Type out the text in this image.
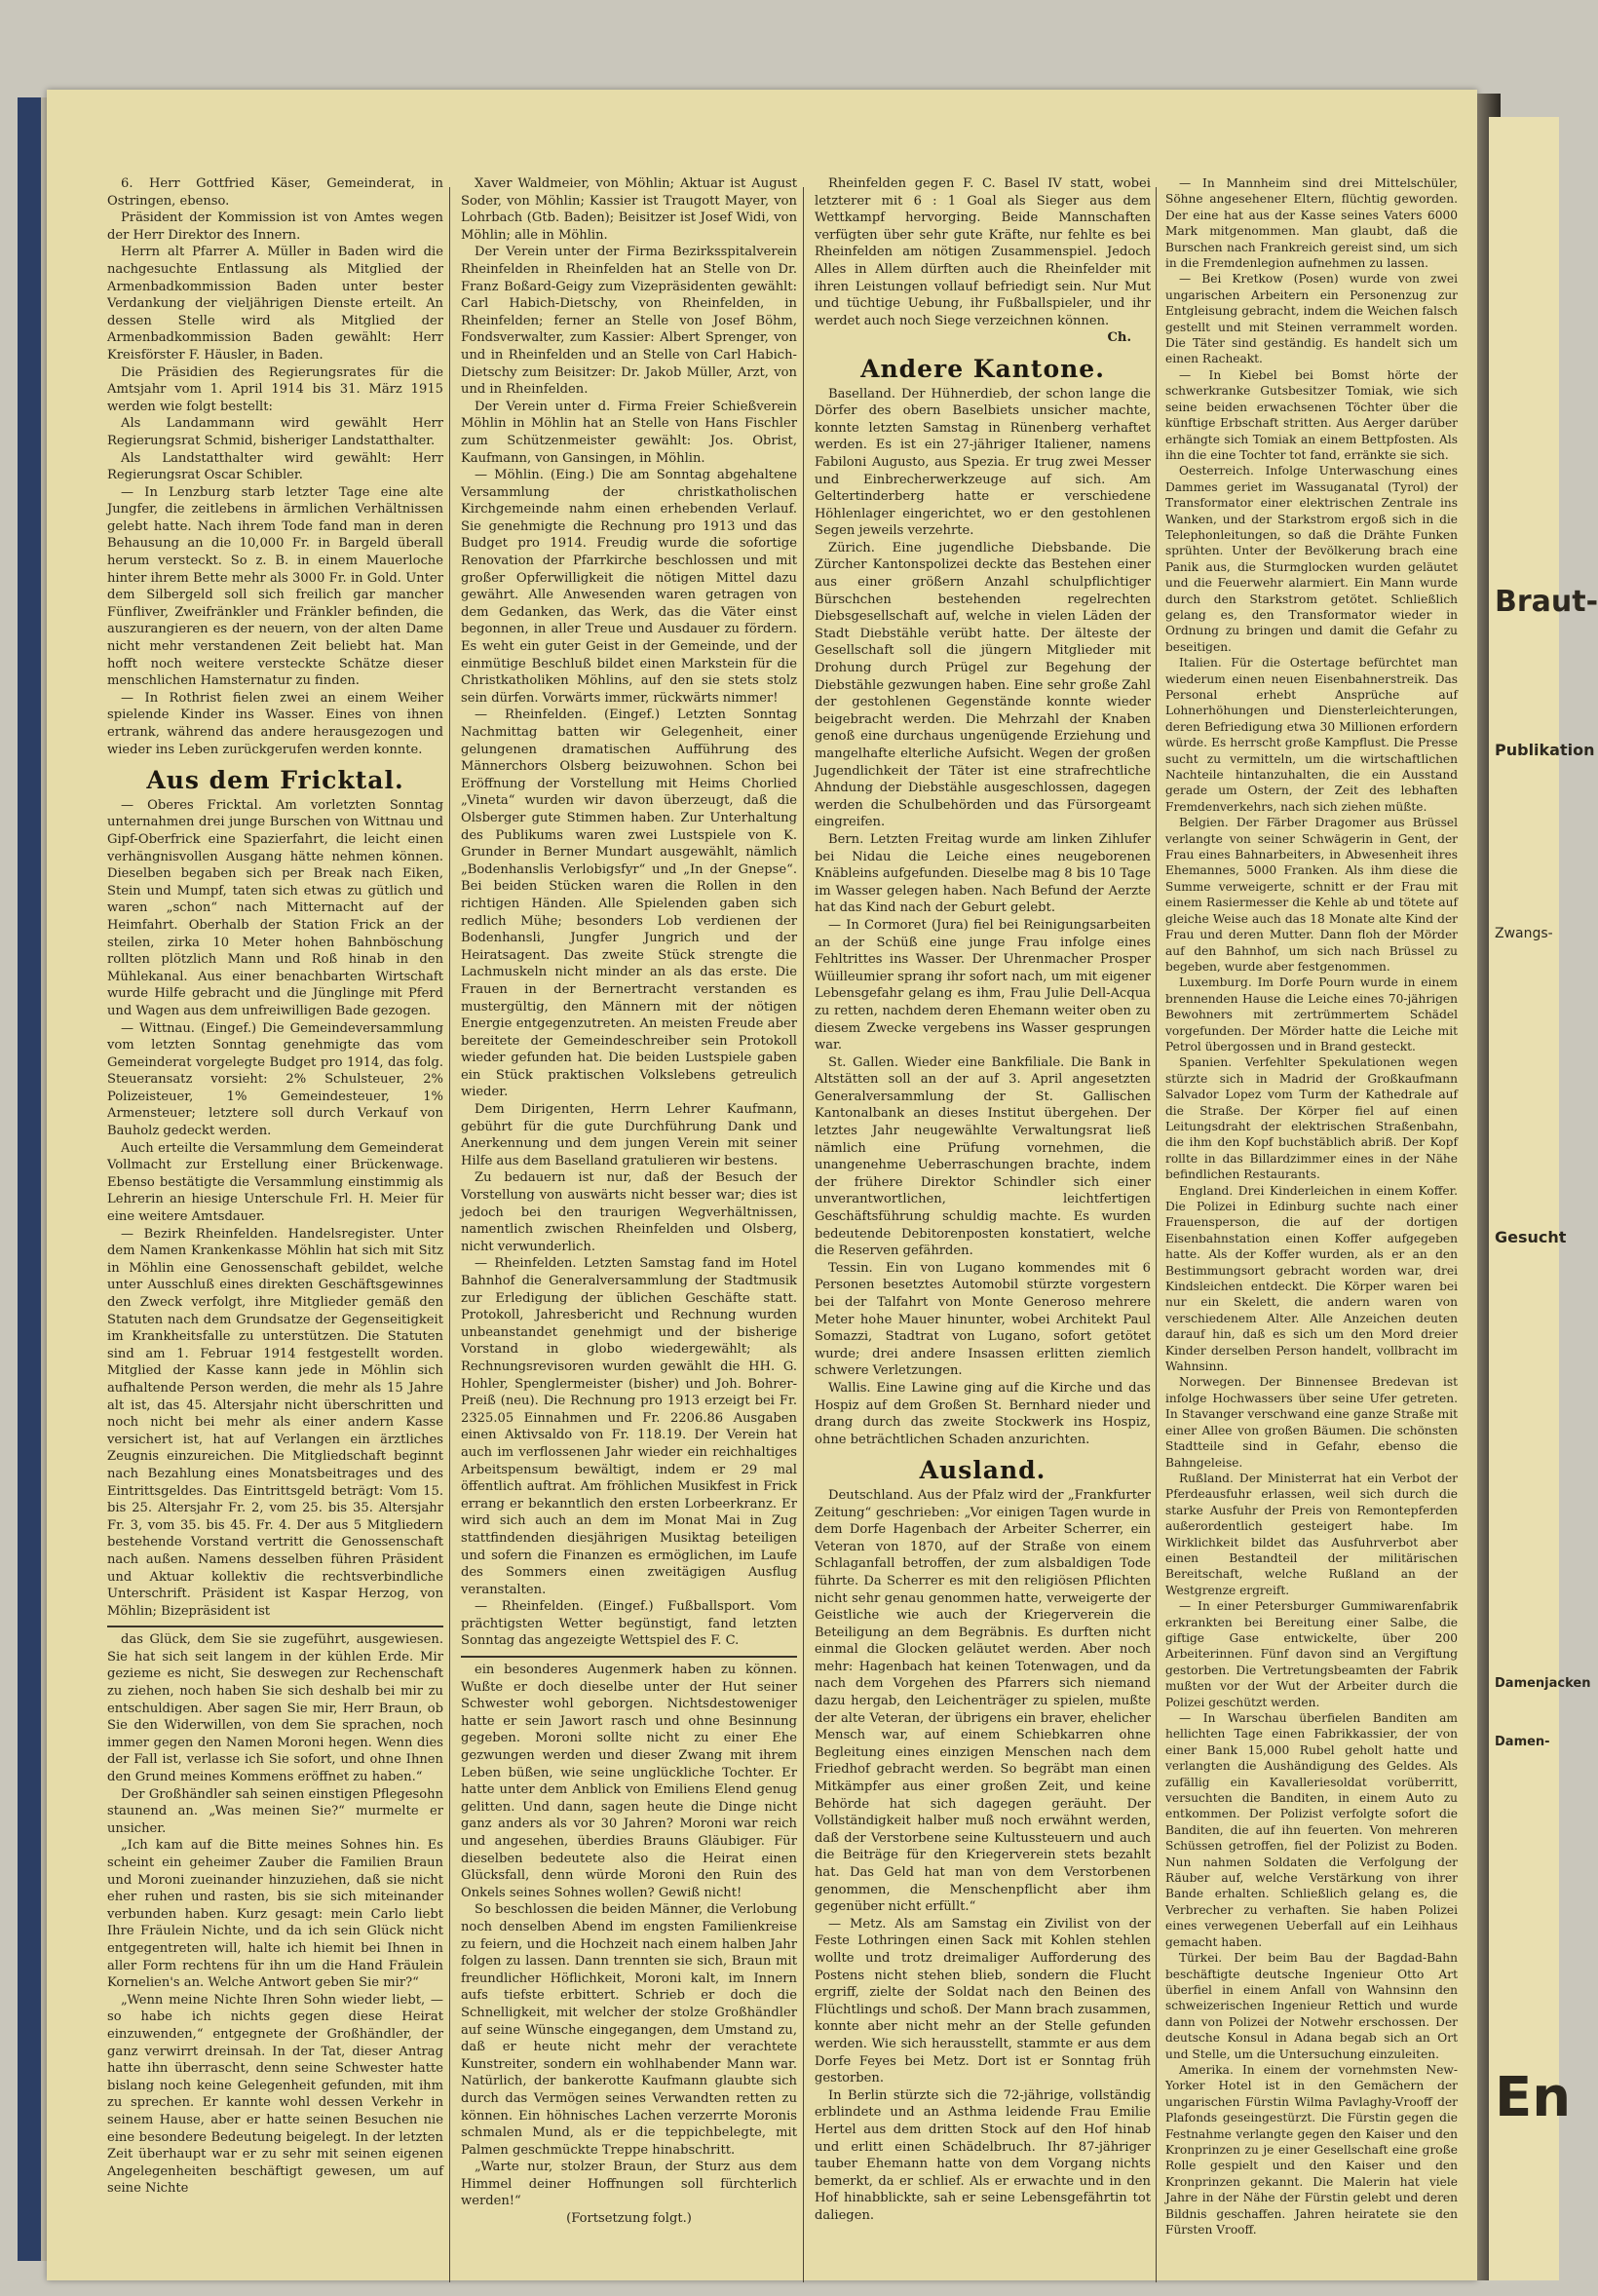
6. Herr Gottfried Käser, Gemeinderat, in Ostringen, ebenso.

Präsident der Kommission ist von Amtes wegen der Herr Direktor des Innern.

Herrn alt Pfarrer A. Müller in Baden wird die nachgesuchte Entlassung als Mitglied der Armenbadkommission Baden unter bester Verdankung der vieljährigen Dienste erteilt. An dessen Stelle wird als Mitglied der Armenbadkommission Baden gewählt: Herr Kreisförster F. Häusler, in Baden.

Die Präsidien des Regierungsrates für die Amtsjahr vom 1. April 1914 bis 31. März 1915 werden wie folgt bestellt:

Als Landammann wird gewählt Herr Regierungsrat Schmid, bisheriger Landstatthalter.

Als Landstatthalter wird gewählt: Herr Regierungsrat Oscar Schibler.

— In Lenzburg starb letzter Tage eine alte Jungfer, die zeitlebens in ärmlichen Verhältnissen gelebt hatte. Nach ihrem Tode fand man in deren Behausung an die 10,000 Fr. in Bargeld überall herum versteckt. So z. B. in einem Mauerloche hinter ihrem Bette mehr als 3000 Fr. in Gold. Unter dem Silbergeld soll sich freilich gar mancher Fünfliver, Zweifränkler und Fränkler befinden, die auszurangieren es der neuern, von der alten Dame nicht mehr verstandenen Zeit beliebt hat. Man hofft noch weitere versteckte Schätze dieser menschlichen Hamsternatur zu finden.

— In Rothrist fielen zwei an einem Weiher spielende Kinder ins Wasser. Eines von ihnen ertrank, während das andere herausgezogen und wieder ins Leben zurückgerufen werden konnte.

Aus dem Fricktal.

— Oberes Fricktal. Am vorletzten Sonntag unternahmen drei junge Burschen von Wittnau und Gipf-Oberfrick eine Spazierfahrt, die leicht einen verhängnisvollen Ausgang hätte nehmen können. Dieselben begaben sich per Break nach Eiken, Stein und Mumpf, taten sich etwas zu gütlich und waren „schon“ nach Mitternacht auf der Heimfahrt. Oberhalb der Station Frick an der steilen, zirka 10 Meter hohen Bahnböschung rollten plötzlich Mann und Roß hinab in den Mühlekanal. Aus einer benachbarten Wirtschaft wurde Hilfe gebracht und die Jünglinge mit Pferd und Wagen aus dem unfreiwilligen Bade gezogen.

— Wittnau. (Eingef.) Die Gemeindeversammlung vom letzten Sonntag genehmigte das vom Gemeinderat vorgelegte Budget pro 1914, das folg. Steueransatz vorsieht: 2% Schulsteuer, 2% Polizeisteuer, 1% Gemeindesteuer, 1% Armensteuer; letztere soll durch Verkauf von Bauholz gedeckt werden.

Auch erteilte die Versammlung dem Gemeinderat Vollmacht zur Erstellung einer Brückenwage. Ebenso bestätigte die Versammlung einstimmig als Lehrerin an hiesige Unterschule Frl. H. Meier für eine weitere Amtsdauer.

— Bezirk Rheinfelden. Handelsregister. Unter dem Namen Krankenkasse Möhlin hat sich mit Sitz in Möhlin eine Genossenschaft gebildet, welche unter Ausschluß eines direkten Geschäftsgewinnes den Zweck verfolgt, ihre Mitglieder gemäß den Statuten nach dem Grundsatze der Gegenseitigkeit im Krankheitsfalle zu unterstützen. Die Statuten sind am 1. Februar 1914 festgestellt worden. Mitglied der Kasse kann jede in Möhlin sich aufhaltende Person werden, die mehr als 15 Jahre alt ist, das 45. Altersjahr nicht überschritten und noch nicht bei mehr als einer andern Kasse versichert ist, hat auf Verlangen ein ärztliches Zeugnis einzureichen. Die Mitgliedschaft beginnt nach Bezahlung eines Monatsbeitrages und des Eintrittsgeldes. Das Eintrittsgeld beträgt: Vom 15. bis 25. Altersjahr Fr. 2, vom 25. bis 35. Altersjahr Fr. 3, vom 35. bis 45. Fr. 4. Der aus 5 Mitgliedern bestehende Vorstand vertritt die Genossenschaft nach außen. Namens desselben führen Präsident und Aktuar kollektiv die rechtsverbindliche Unterschrift. Präsident ist Kaspar Herzog, von Möhlin; Bizepräsident ist

das Glück, dem Sie sie zugeführt, ausgewiesen. Sie hat sich seit langem in der kühlen Erde. Mir gezieme es nicht, Sie deswegen zur Rechenschaft zu ziehen, noch haben Sie sich deshalb bei mir zu entschuldigen. Aber sagen Sie mir, Herr Braun, ob Sie den Widerwillen, von dem Sie sprachen, noch immer gegen den Namen Moroni hegen. Wenn dies der Fall ist, verlasse ich Sie sofort, und ohne Ihnen den Grund meines Kommens eröffnet zu haben.“

Der Großhändler sah seinen einstigen Pflegesohn staunend an. „Was meinen Sie?“ murmelte er unsicher.

„Ich kam auf die Bitte meines Sohnes hin. Es scheint ein geheimer Zauber die Familien Braun und Moroni zueinander hinzuziehen, daß sie nicht eher ruhen und rasten, bis sie sich miteinander verbunden haben. Kurz gesagt: mein Carlo liebt Ihre Fräulein Nichte, und da ich sein Glück nicht entgegentreten will, halte ich hiemit bei Ihnen in aller Form rechtens für ihn um die Hand Fräulein Kornelien's an. Welche Antwort geben Sie mir?“

„Wenn meine Nichte Ihren Sohn wieder liebt, — so habe ich nichts gegen diese Heirat einzuwenden,“ entgegnete der Großhändler, der ganz verwirrt dreinsah. In der Tat, dieser Antrag hatte ihn überrascht, denn seine Schwester hatte bislang noch keine Gelegenheit gefunden, mit ihm zu sprechen. Er kannte wohl dessen Verkehr in seinem Hause, aber er hatte seinen Besuchen nie eine besondere Bedeutung beigelegt. In der letzten Zeit überhaupt war er zu sehr mit seinen eigenen Angelegenheiten beschäftigt gewesen, um auf seine Nichte

Xaver Waldmeier, von Möhlin; Aktuar ist August Soder, von Möhlin; Kassier ist Traugott Mayer, von Lohrbach (Gtb. Baden); Beisitzer ist Josef Widi, von Möhlin; alle in Möhlin.

Der Verein unter der Firma Bezirksspitalverein Rheinfelden in Rheinfelden hat an Stelle von Dr. Franz Boßard-Geigy zum Vizepräsidenten gewählt: Carl Habich-Dietschy, von Rheinfelden, in Rheinfelden; ferner an Stelle von Josef Böhm, Fondsverwalter, zum Kassier: Albert Sprenger, von und in Rheinfelden und an Stelle von Carl Habich-Dietschy zum Beisitzer: Dr. Jakob Müller, Arzt, von und in Rheinfelden.

Der Verein unter d. Firma Freier Schießverein Möhlin in Möhlin hat an Stelle von Hans Fischler zum Schützenmeister gewählt: Jos. Obrist, Kaufmann, von Gansingen, in Möhlin.

— Möhlin. (Eing.) Die am Sonntag abgehaltene Versammlung der christkatholischen Kirchgemeinde nahm einen erhebenden Verlauf. Sie genehmigte die Rechnung pro 1913 und das Budget pro 1914. Freudig wurde die sofortige Renovation der Pfarrkirche beschlossen und mit großer Opferwilligkeit die nötigen Mittel dazu gewährt. Alle Anwesenden waren getragen von dem Gedanken, das Werk, das die Väter einst begonnen, in aller Treue und Ausdauer zu fördern. Es weht ein guter Geist in der Gemeinde, und der einmütige Beschluß bildet einen Markstein für die Christkatholiken Möhlins, auf den sie stets stolz sein dürfen. Vorwärts immer, rückwärts nimmer!

— Rheinfelden. (Eingef.) Letzten Sonntag Nachmittag batten wir Gelegenheit, einer gelungenen dramatischen Aufführung des Männerchors Olsberg beizuwohnen. Schon bei Eröffnung der Vorstellung mit Heims Chorlied „Vineta“ wurden wir davon überzeugt, daß die Olsberger gute Stimmen haben. Zur Unterhaltung des Publikums waren zwei Lustspiele von K. Grunder in Berner Mundart ausgewählt, nämlich „Bodenhanslis Verlobigsfyr“ und „In der Gnepse“. Bei beiden Stücken waren die Rollen in den richtigen Händen. Alle Spielenden gaben sich redlich Mühe; besonders Lob verdienen der Bodenhansli, Jungfer Jungrich und der Heiratsagent. Das zweite Stück strengte die Lachmuskeln nicht minder an als das erste. Die Frauen in der Bernertracht verstanden es mustergültig, den Männern mit der nötigen Energie entgegenzutreten. An meisten Freude aber bereitete der Gemeindeschreiber sein Protokoll wieder gefunden hat. Die beiden Lustspiele gaben ein Stück praktischen Volkslebens getreulich wieder.

Dem Dirigenten, Herrn Lehrer Kaufmann, gebührt für die gute Durchführung Dank und Anerkennung und dem jungen Verein mit seiner Hilfe aus dem Baselland gratulieren wir bestens.

Zu bedauern ist nur, daß der Besuch der Vorstellung von auswärts nicht besser war; dies ist jedoch bei den traurigen Wegverhältnissen, namentlich zwischen Rheinfelden und Olsberg, nicht verwunderlich.

— Rheinfelden. Letzten Samstag fand im Hotel Bahnhof die Generalversammlung der Stadtmusik zur Erledigung der üblichen Geschäfte statt. Protokoll, Jahresbericht und Rechnung wurden unbeanstandet genehmigt und der bisherige Vorstand in globo wiedergewählt; als Rechnungsrevisoren wurden gewählt die HH. G. Hohler, Spenglermeister (bisher) und Joh. Bohrer-Preiß (neu). Die Rechnung pro 1913 erzeigt bei Fr. 2325.05 Einnahmen und Fr. 2206.86 Ausgaben einen Aktivsaldo von Fr. 118.19. Der Verein hat auch im verflossenen Jahr wieder ein reichhaltiges Arbeitspensum bewältigt, indem er 29 mal öffentlich auftrat. Am fröhlichen Musikfest in Frick errang er bekanntlich den ersten Lorbeerkranz. Er wird sich auch an dem im Monat Mai in Zug stattfindenden diesjährigen Musiktag beteiligen und sofern die Finanzen es ermöglichen, im Laufe des Sommers einen zweitägigen Ausflug veranstalten.

— Rheinfelden. (Eingef.) Fußballsport. Vom prächtigsten Wetter begünstigt, fand letzten Sonntag das angezeigte Wettspiel des F. C.

ein besonderes Augenmerk haben zu können. Wußte er doch dieselbe unter der Hut seiner Schwester wohl geborgen. Nichtsdestoweniger hatte er sein Jawort rasch und ohne Besinnung gegeben. Moroni sollte nicht zu einer Ehe gezwungen werden und dieser Zwang mit ihrem Leben büßen, wie seine unglückliche Tochter. Er hatte unter dem Anblick von Emiliens Elend genug gelitten. Und dann, sagen heute die Dinge nicht ganz anders als vor 30 Jahren? Moroni war reich und angesehen, überdies Brauns Gläubiger. Für dieselben bedeutete also die Heirat einen Glücksfall, denn würde Moroni den Ruin des Onkels seines Sohnes wollen? Gewiß nicht!

So beschlossen die beiden Männer, die Verlobung noch denselben Abend im engsten Familienkreise zu feiern, und die Hochzeit nach einem halben Jahr folgen zu lassen. Dann trennten sie sich, Braun mit freundlicher Höflichkeit, Moroni kalt, im Innern aufs tiefste erbittert. Schrieb er doch die Schnelligkeit, mit welcher der stolze Großhändler auf seine Wünsche eingegangen, dem Umstand zu, daß er heute nicht mehr der verachtete Kunstreiter, sondern ein wohlhabender Mann war. Natürlich, der bankerotte Kaufmann glaubte sich durch das Vermögen seines Verwandten retten zu können. Ein höhnisches Lachen verzerrte Moronis schmalen Mund, als er die teppichbelegte, mit Palmen geschmückte Treppe hinabschritt.

„Warte nur, stolzer Braun, der Sturz aus dem Himmel deiner Hoffnungen soll fürchterlich werden!“

(Fortsetzung folgt.)

Rheinfelden gegen F. C. Basel IV statt, wobei letzterer mit 6 : 1 Goal als Sieger aus dem Wettkampf hervorging. Beide Mannschaften verfügten über sehr gute Kräfte, nur fehlte es bei Rheinfelden am nötigen Zusammenspiel. Jedoch Alles in Allem dürften auch die Rheinfelder mit ihren Leistungen vollauf befriedigt sein. Nur Mut und tüchtige Uebung, ihr Fußballspieler, und ihr werdet auch noch Siege verzeichnen können.

Ch.
Andere Kantone.

Baselland. Der Hühnerdieb, der schon lange die Dörfer des obern Baselbiets unsicher machte, konnte letzten Samstag in Rünenberg verhaftet werden. Es ist ein 27-jähriger Italiener, namens Fabiloni Augusto, aus Spezia. Er trug zwei Messer und Einbrecherwerkzeuge auf sich. Am Geltertinderberg hatte er verschiedene Höhlenlager eingerichtet, wo er den gestohlenen Segen jeweils verzehrte.

Zürich. Eine jugendliche Diebsbande. Die Zürcher Kantonspolizei deckte das Bestehen einer aus einer größern Anzahl schulpflichtiger Bürschchen bestehenden regelrechten Diebsgesellschaft auf, welche in vielen Läden der Stadt Diebstähle verübt hatte. Der älteste der Gesellschaft soll die jüngern Mitglieder mit Drohung durch Prügel zur Begehung der Diebstähle gezwungen haben. Eine sehr große Zahl der gestohlenen Gegenstände konnte wieder beigebracht werden. Die Mehrzahl der Knaben genoß eine durchaus ungenügende Erziehung und mangelhafte elterliche Aufsicht. Wegen der großen Jugendlichkeit der Täter ist eine strafrechtliche Ahndung der Diebstähle ausgeschlossen, dagegen werden die Schulbehörden und das Fürsorgeamt eingreifen.

Bern. Letzten Freitag wurde am linken Zihlufer bei Nidau die Leiche eines neugeborenen Knäbleins aufgefunden. Dieselbe mag 8 bis 10 Tage im Wasser gelegen haben. Nach Befund der Aerzte hat das Kind nach der Geburt gelebt.

— In Cormoret (Jura) fiel bei Reinigungsarbeiten an der Schüß eine junge Frau infolge eines Fehltrittes ins Wasser. Der Uhrenmacher Prosper Wüilleumier sprang ihr sofort nach, um mit eigener Lebensgefahr gelang es ihm, Frau Julie Dell-Acqua zu retten, nachdem deren Ehemann weiter oben zu diesem Zwecke vergebens ins Wasser gesprungen war.

St. Gallen. Wieder eine Bankfiliale. Die Bank in Altstätten soll an der auf 3. April angesetzten Generalversammlung der St. Gallischen Kantonalbank an dieses Institut übergehen. Der letztes Jahr neugewählte Verwaltungsrat ließ nämlich eine Prüfung vornehmen, die unangenehme Ueberraschungen brachte, indem der frühere Direktor Schindler sich einer unverantwortlichen, leichtfertigen Geschäftsführung schuldig machte. Es wurden bedeutende Debitorenposten konstatiert, welche die Reserven gefährden.

Tessin. Ein von Lugano kommendes mit 6 Personen besetztes Automobil stürzte vorgestern bei der Talfahrt von Monte Generoso mehrere Meter hohe Mauer hinunter, wobei Architekt Paul Somazzi, Stadtrat von Lugano, sofort getötet wurde; drei andere Insassen erlitten ziemlich schwere Verletzungen.

Wallis. Eine Lawine ging auf die Kirche und das Hospiz auf dem Großen St. Bernhard nieder und drang durch das zweite Stockwerk ins Hospiz, ohne beträchtlichen Schaden anzurichten.

Ausland.

Deutschland. Aus der Pfalz wird der „Frankfurter Zeitung“ geschrieben: „Vor einigen Tagen wurde in dem Dorfe Hagenbach der Arbeiter Scherrer, ein Veteran von 1870, auf der Straße von einem Schlaganfall betroffen, der zum alsbaldigen Tode führte. Da Scherrer es mit den religiösen Pflichten nicht sehr genau genommen hatte, verweigerte der Geistliche wie auch der Kriegerverein die Beteiligung an dem Begräbnis. Es durften nicht einmal die Glocken geläutet werden. Aber noch mehr: Hagenbach hat keinen Totenwagen, und da nach dem Vorgehen des Pfarrers sich niemand dazu hergab, den Leichenträger zu spielen, mußte der alte Veteran, der übrigens ein braver, ehelicher Mensch war, auf einem Schiebkarren ohne Begleitung eines einzigen Menschen nach dem Friedhof gebracht werden. So begräbt man einen Mitkämpfer aus einer großen Zeit, und keine Behörde hat sich dagegen geräuht. Der Vollständigkeit halber muß noch erwähnt werden, daß der Verstorbene seine Kultussteuern und auch die Beiträge für den Kriegerverein stets bezahlt hat. Das Geld hat man von dem Verstorbenen genommen, die Menschenpflicht aber ihm gegenüber nicht erfüllt.“

— Metz. Als am Samstag ein Zivilist von der Feste Lothringen einen Sack mit Kohlen stehlen wollte und trotz dreimaliger Aufforderung des Postens nicht stehen blieb, sondern die Flucht ergriff, zielte der Soldat nach den Beinen des Flüchtlings und schoß. Der Mann brach zusammen, konnte aber nicht mehr an der Stelle gefunden werden. Wie sich herausstellt, stammte er aus dem Dorfe Feyes bei Metz. Dort ist er Sonntag früh gestorben.

In Berlin stürzte sich die 72-jährige, vollständig erblindete und an Asthma leidende Frau Emilie Hertel aus dem dritten Stock auf den Hof hinab und erlitt einen Schädelbruch. Ihr 87-jähriger tauber Ehemann hatte von dem Vorgang nichts bemerkt, da er schlief. Als er erwachte und in den Hof hinabblickte, sah er seine Lebensgefährtin tot daliegen.

— In Mannheim sind drei Mittelschüler, Söhne angesehener Eltern, flüchtig geworden. Der eine hat aus der Kasse seines Vaters 6000 Mark mitgenommen. Man glaubt, daß die Burschen nach Frankreich gereist sind, um sich in die Fremdenlegion aufnehmen zu lassen.

— Bei Kretkow (Posen) wurde von zwei ungarischen Arbeitern ein Personenzug zur Entgleisung gebracht, indem die Weichen falsch gestellt und mit Steinen verrammelt worden. Die Täter sind geständig. Es handelt sich um einen Racheakt.

— In Kiebel bei Bomst hörte der schwerkranke Gutsbesitzer Tomiak, wie sich seine beiden erwachsenen Töchter über die künftige Erbschaft stritten. Aus Aerger darüber erhängte sich Tomiak an einem Bettpfosten. Als ihn die eine Tochter tot fand, erränkte sie sich.

Oesterreich. Infolge Unterwaschung eines Dammes geriet im Wassuganatal (Tyrol) der Transformator einer elektrischen Zentrale ins Wanken, und der Starkstrom ergoß sich in die Telephonleitungen, so daß die Drähte Funken sprühten. Unter der Bevölkerung brach eine Panik aus, die Sturmglocken wurden geläutet und die Feuerwehr alarmiert. Ein Mann wurde durch den Starkstrom getötet. Schließlich gelang es, den Transformator wieder in Ordnung zu bringen und damit die Gefahr zu beseitigen.

Italien. Für die Ostertage befürchtet man wiederum einen neuen Eisenbahnerstreik. Das Personal erhebt Ansprüche auf Lohnerhöhungen und Diensterleichterungen, deren Befriedigung etwa 30 Millionen erfordern würde. Es herrscht große Kampflust. Die Presse sucht zu vermitteln, um die wirtschaftlichen Nachteile hintanzuhalten, die ein Ausstand gerade um Ostern, der Zeit des lebhaften Fremdenverkehrs, nach sich ziehen müßte.

Belgien. Der Färber Dragomer aus Brüssel verlangte von seiner Schwägerin in Gent, der Frau eines Bahnarbeiters, in Abwesenheit ihres Ehemannes, 5000 Franken. Als ihm diese die Summe verweigerte, schnitt er der Frau mit einem Rasiermesser die Kehle ab und tötete auf gleiche Weise auch das 18 Monate alte Kind der Frau und deren Mutter. Dann floh der Mörder auf den Bahnhof, um sich nach Brüssel zu begeben, wurde aber festgenommen.

Luxemburg. Im Dorfe Pourn wurde in einem brennenden Hause die Leiche eines 70-jährigen Bewohners mit zertrümmertem Schädel vorgefunden. Der Mörder hatte die Leiche mit Petrol übergossen und in Brand gesteckt.

Spanien. Verfehlter Spekulationen wegen stürzte sich in Madrid der Großkaufmann Salvador Lopez vom Turm der Kathedrale auf die Straße. Der Körper fiel auf einen Leitungsdraht der elektrischen Straßenbahn, die ihm den Kopf buchstäblich abriß. Der Kopf rollte in das Billardzimmer eines in der Nähe befindlichen Restaurants.

England. Drei Kinderleichen in einem Koffer. Die Polizei in Edinburg suchte nach einer Frauensperson, die auf der dortigen Eisenbahnstation einen Koffer aufgegeben hatte. Als der Koffer wurden, als er an den Bestimmungsort gebracht worden war, drei Kindsleichen entdeckt. Die Körper waren bei nur ein Skelett, die andern waren von verschiedenem Alter. Alle Anzeichen deuten darauf hin, daß es sich um den Mord dreier Kinder derselben Person handelt, vollbracht im Wahnsinn.

Norwegen. Der Binnensee Bredevan ist infolge Hochwassers über seine Ufer getreten. In Stavanger verschwand eine ganze Straße mit einer Allee von großen Bäumen. Die schönsten Stadtteile sind in Gefahr, ebenso die Bahngeleise.

Rußland. Der Ministerrat hat ein Verbot der Pferdeausfuhr erlassen, weil sich durch die starke Ausfuhr der Preis von Remontepferden außerordentlich gesteigert habe. Im Wirklichkeit bildet das Ausfuhrverbot aber einen Bestandteil der militärischen Bereitschaft, welche Rußland an der Westgrenze ergreift.

— In einer Petersburger Gummiwarenfabrik erkrankten bei Bereitung einer Salbe, die giftige Gase entwickelte, über 200 Arbeiterinnen. Fünf davon sind an Vergiftung gestorben. Die Vertretungsbeamten der Fabrik mußten vor der Wut der Arbeiter durch die Polizei geschützt werden.

— In Warschau überfielen Banditen am hellichten Tage einen Fabrikkassier, der von einer Bank 15,000 Rubel geholt hatte und verlangten die Aushändigung des Geldes. Als zufällig ein Kavalleriesoldat vorüberritt, versuchten die Banditen, in einem Auto zu entkommen. Der Polizist verfolgte sofort die Banditen, die auf ihn feuerten. Von mehreren Schüssen getroffen, fiel der Polizist zu Boden. Nun nahmen Soldaten die Verfolgung der Räuber auf, welche Verstärkung von ihrer Bande erhalten. Schließlich gelang es, die Verbrecher zu verhaften. Sie haben Polizei eines verwegenen Ueberfall auf ein Leihhaus gemacht haben.

Türkei. Der beim Bau der Bagdad-Bahn beschäftigte deutsche Ingenieur Otto Art überfiel in einem Anfall von Wahnsinn den schweizerischen Ingenieur Rettich und wurde dann von Polizei der Notwehr erschossen. Der deutsche Konsul in Adana begab sich an Ort und Stelle, um die Untersuchung einzuleiten.

Amerika. In einem der vornehmsten New-Yorker Hotel ist in den Gemächern der ungarischen Fürstin Wilma Pavlaghy-Vrooff der Plafonds geseingestürzt. Die Fürstin gegen die Festnahme verlangte gegen den Kaiser und den Kronprinzen zu je einer Gesellschaft eine große Rolle gespielt und den Kaiser und den Kronprinzen gekannt. Die Malerin hat viele Jahre in der Nähe der Fürstin gelebt und deren Bildnis geschaffen. Jahren heiratete sie den Fürsten Vrooff.

Braut-
Publikation
Zwangs-
Gesucht
Damenjacken
Damen-
En
